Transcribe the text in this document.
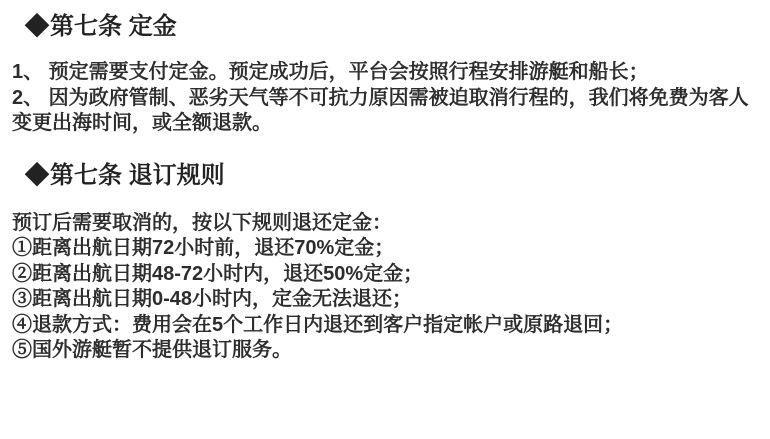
◆第七条 定金

1、 预定需要支付定金。预定成功后，平台会按照行程安排游艇和船长；

2、 因为政府管制、恶劣天气等不可抗力原因需被迫取消行程的，我们将免费为客人变更出海时间，或全额退款。

◆第七条 退订规则

预订后需要取消的，按以下规则退还定金：

①距离出航日期72小时前，退还70%定金；

②距离出航日期48-72小时内，退还50%定金；

③距离出航日期0-48小时内，定金无法退还；

④退款方式：费用会在5个工作日内退还到客户指定帐户或原路退回；

⑤国外游艇暂不提供退订服务。
